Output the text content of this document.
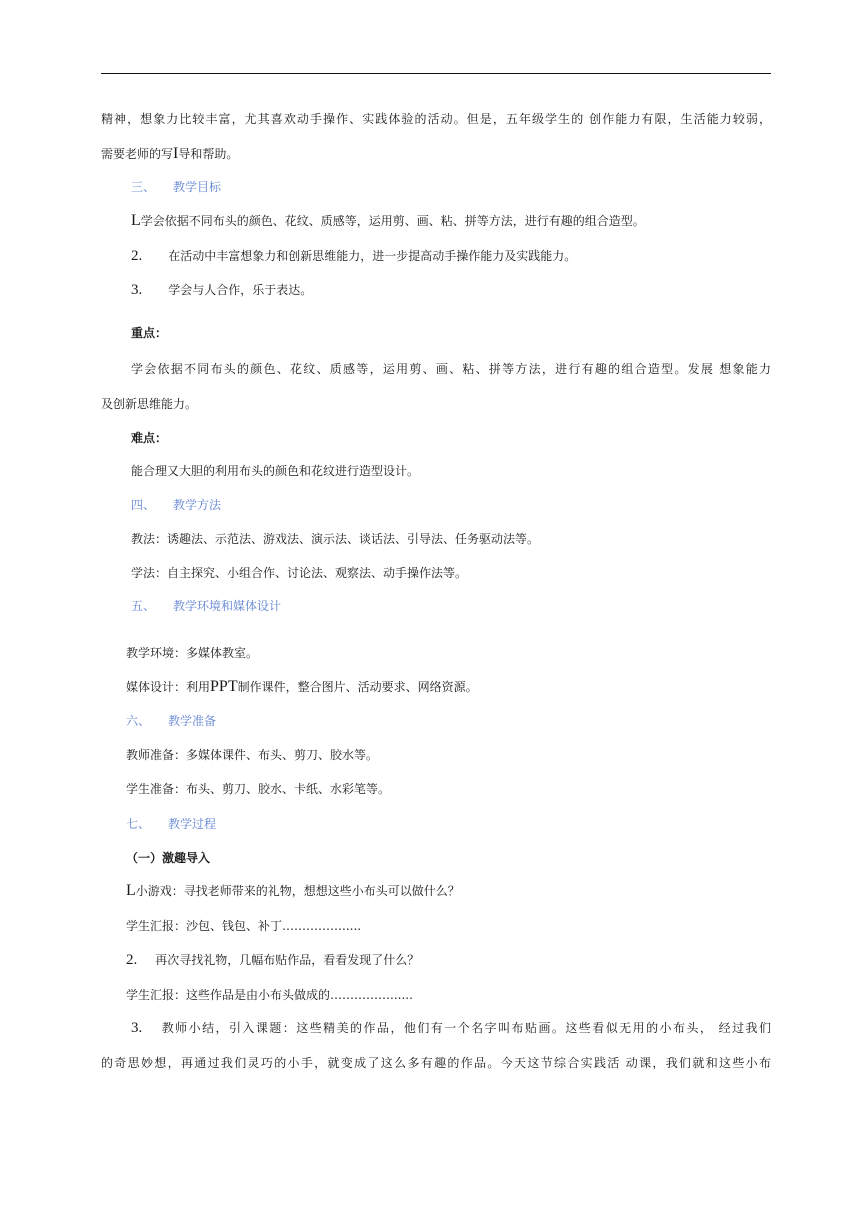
精神，想象力比较丰富，尤其喜欢动手操作、实践体验的活动。但是，五年级学生的 创作能力有限，生活能力较弱，
需要老师的写I导和帮助。
三、 教学目标
L学会依据不同布头的颜色、花纹、质感等，运用剪、画、粘、拼等方法，进行有趣的组合造型。
2. 在活动中丰富想象力和创新思维能力，进一步提高动手操作能力及实践能力。
3. 学会与人合作，乐于表达。
重点：
学会依据不同布头的颜色、花纹、质感等，运用剪、画、粘、拼等方法，进行有趣的组合造型。发展 想象能力
及创新思维能力。
难点：
能合理又大胆的利用布头的颜色和花纹进行造型设计。
四、 教学方法
教法：诱趣法、示范法、游戏法、演示法、谈话法、引导法、任务驱动法等。
学法：自主探究、小组合作、讨论法、观察法、动手操作法等。
五、 教学环境和媒体设计
教学环境：多媒体教室。
媒体设计：利用PPT制作课件，整合图片、活动要求、网络资源。
六、 教学准备
教师准备：多媒体课件、布头、剪刀、胶水等。
学生准备：布头、剪刀、胶水、卡纸、水彩笔等。
七、 教学过程
（一）激趣导入
L小游戏：寻找老师带来的礼物，想想这些小布头可以做什么？
学生汇报：沙包、钱包、补丁…………….....
2. 再次寻找礼物，几幅布贴作品，看看发现了什么？
学生汇报：这些作品是由小布头做成的……………......
3. 教师小结，引入课题：这些精美的作品，他们有一个名字叫布贴画。这些看似无用的小布头， 经过我们
的奇思妙想，再通过我们灵巧的小手，就变成了这么多有趣的作品。今天这节综合实践活 动课，我们就和这些小布
